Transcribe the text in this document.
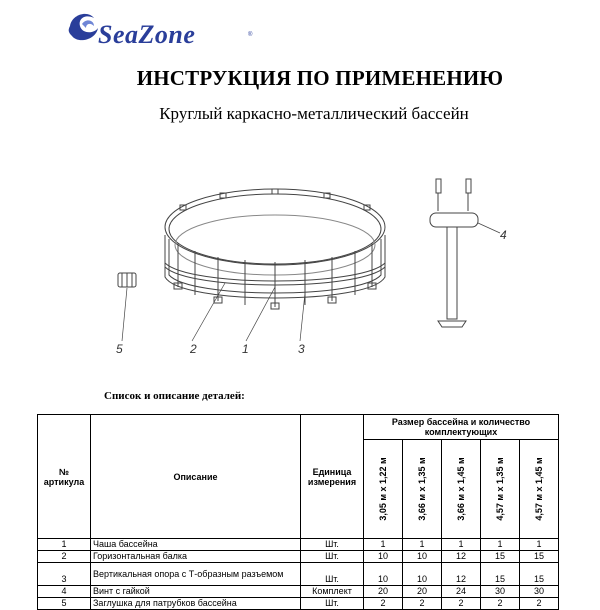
SeaZone	®
ИНСТРУКЦИЯ ПО ПРИМЕНЕНИЮ
Круглый каркасно-металлический бассейн
5	2	1	3
4
Список и описание деталей:
№ артикула	Описание	Единица измерения	Размер бассейна и количество комплектующих				

			3,05 м х 1,22 м	3,66 м х 1,35 м	3,66 м х 1,45 м	4,57 м х 1,35 м	4,57 м х 1,45 м

1	Чаша бассейна	Шт.	1	1	1	1	1
2	Горизонтальная балка	Шт.	10	10	12	15	15
3	Вертикальная опора с Т-образным разъемом	Шт.	10	10	12	15	15
4	Винт с гайкой	Комплект	20	20	24	30	30
5	Заглушка для патрубков бассейна	Шт.	2	2	2	2	2
